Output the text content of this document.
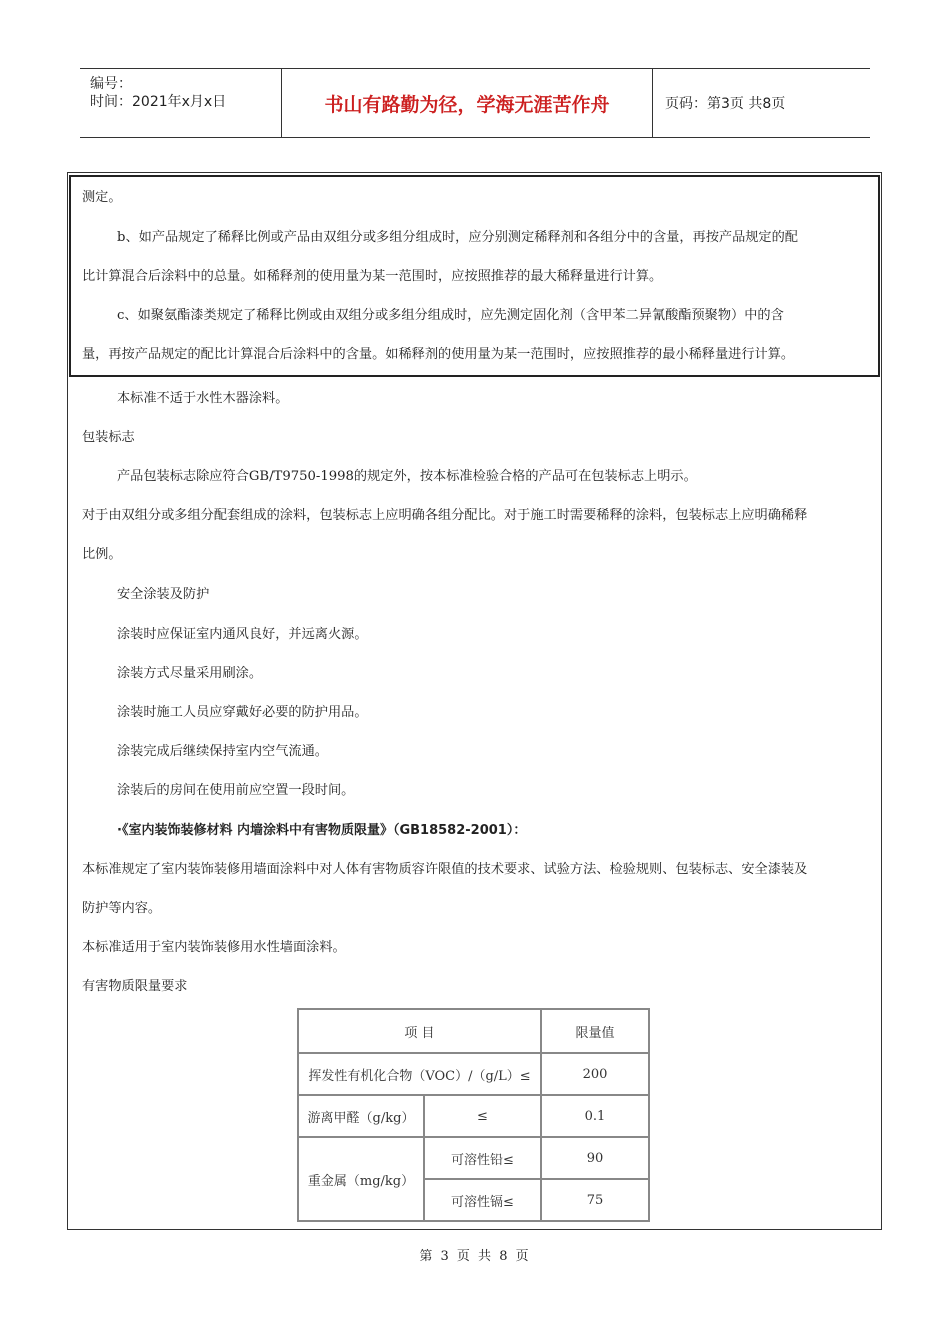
编号：
时间：2021年x月x日	书山有路勤为径，学海无涯苦作舟	页码：第3页 共8页
测定。
b、如产品规定了稀释比例或产品由双组分或多组分组成时，应分别测定稀释剂和各组分中的含量，再按产品规定的配
比计算混合后涂料中的总量。如稀释剂的使用量为某一范围时，应按照推荐的最大稀释量进行计算。
c、如聚氨酯漆类规定了稀释比例或由双组分或多组分组成时，应先测定固化剂（含甲苯二异氰酸酯预聚物）中的含
量，再按产品规定的配比计算混合后涂料中的含量。如稀释剂的使用量为某一范围时，应按照推荐的最小稀释量进行计算。
本标准不适于水性木器涂料。
包装标志
产品包装标志除应符合GB/T9750-1998的规定外，按本标准检验合格的产品可在包装标志上明示。
对于由双组分或多组分配套组成的涂料，包装标志上应明确各组分配比。对于施工时需要稀释的涂料，包装标志上应明确稀释
比例。
安全涂装及防护
涂装时应保证室内通风良好，并远离火源。
涂装方式尽量采用刷涂。
涂装时施工人员应穿戴好必要的防护用品。
涂装完成后继续保持室内空气流通。
涂装后的房间在使用前应空置一段时间。
·《室内装饰装修材料 内墙涂料中有害物质限量》（GB18582-2001）：
本标准规定了室内装饰装修用墙面涂料中对人体有害物质容许限值的技术要求、试验方法、检验规则、包装标志、安全漆装及
防护等内容。
本标准适用于室内装饰装修用水性墙面涂料。
有害物质限量要求
项 目		限量值
挥发性有机化合物（VOC）/（g/L）≤		200
游离甲醛（g/kg）	≤	0.1
重金属（mg/kg）	可溶性铅≤	90
	可溶性镉≤	75
第 3 页 共 8 页
